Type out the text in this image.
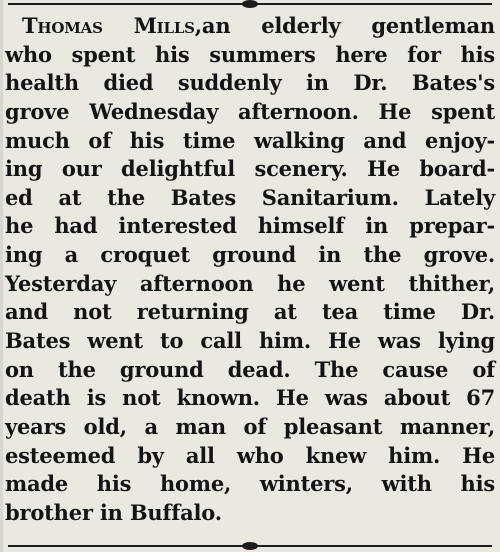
Thomas Mills,an elderly gentleman
who spent his summers here for his
health died suddenly in Dr. Bates's
grove Wednesday afternoon. He spent
much of his time walking and enjoy-
ing our delightful scenery. He board-
ed at the Bates Sanitarium. Lately
he had interested himself in prepar-
ing a croquet ground in the grove.
Yesterday afternoon he went thither,
and not returning at tea time Dr.
Bates went to call him. He was lying
on the ground dead. The cause of
death is not known. He was about 67
years old, a man of pleasant manner,
esteemed by all who knew him. He
made his home, winters, with his
brother in Buffalo.
